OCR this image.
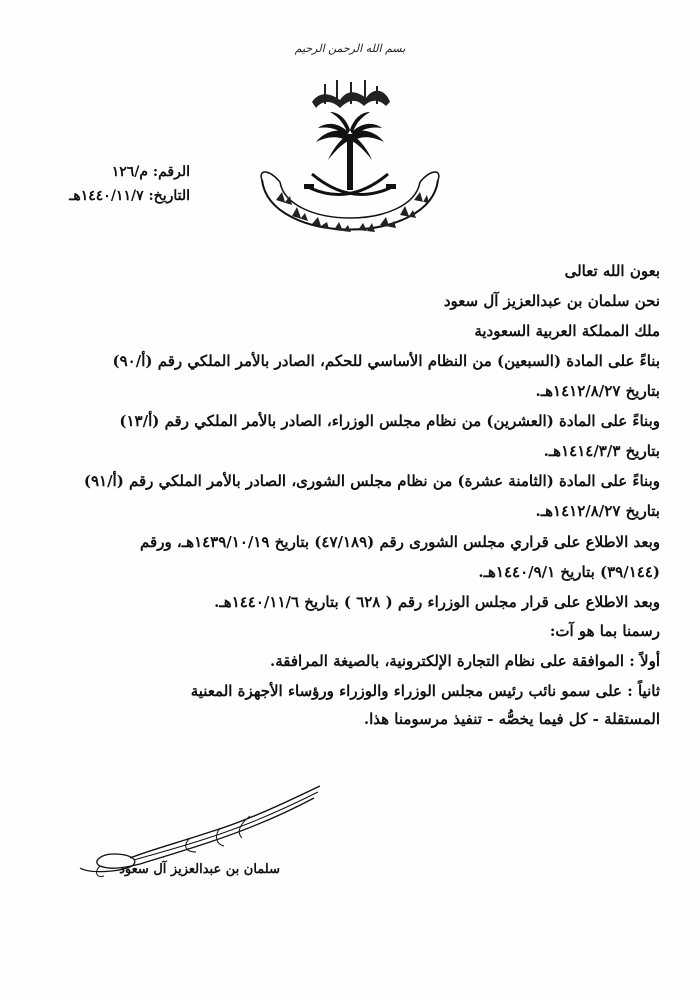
بسم الله الرحمن الرحيم
الرقم: م/١٢٦
التاريخ: ١٤٤٠/١١/٧هـ
بعون الله تعالى
نحن سلمان بن عبدالعزيز آل سعود
ملك المملكة العربية السعودية
بناءً على المادة (السبعين) من النظام الأساسي للحكم، الصادر بالأمر الملكي رقم (أ/٩٠)
بتاريخ ١٤١٢/٨/٢٧هـ.
وبناءً على المادة (العشرين) من نظام مجلس الوزراء، الصادر بالأمر الملكي رقم (أ/١٣)
بتاريخ ١٤١٤/٣/٣هـ.
وبناءً على المادة (الثامنة عشرة) من نظام مجلس الشورى، الصادر بالأمر الملكي رقم (أ/٩١)
بتاريخ ١٤١٢/٨/٢٧هـ.
وبعد الاطلاع على قراري مجلس الشورى رقم (٤٧/١٨٩) بتاريخ ١٤٣٩/١٠/١٩هـ، ورقم
(٣٩/١٤٤) بتاريخ ١٤٤٠/٩/١هـ.
وبعد الاطلاع على قرار مجلس الوزراء رقم ( ٦٢٨ ) بتاريخ ١٤٤٠/١١/٦هـ.
رسمنا بما هو آت:
أولاً : الموافقة على نظام التجارة الإلكترونية، بالصيغة المرافقة.
ثانياً : على سمو نائب رئيس مجلس الوزراء والوزراء ورؤساء الأجهزة المعنية
المستقلة - كل فيما يخصُّه - تنفيذ مرسومنا هذا.
سلمان بن عبدالعزيز آل سعود
